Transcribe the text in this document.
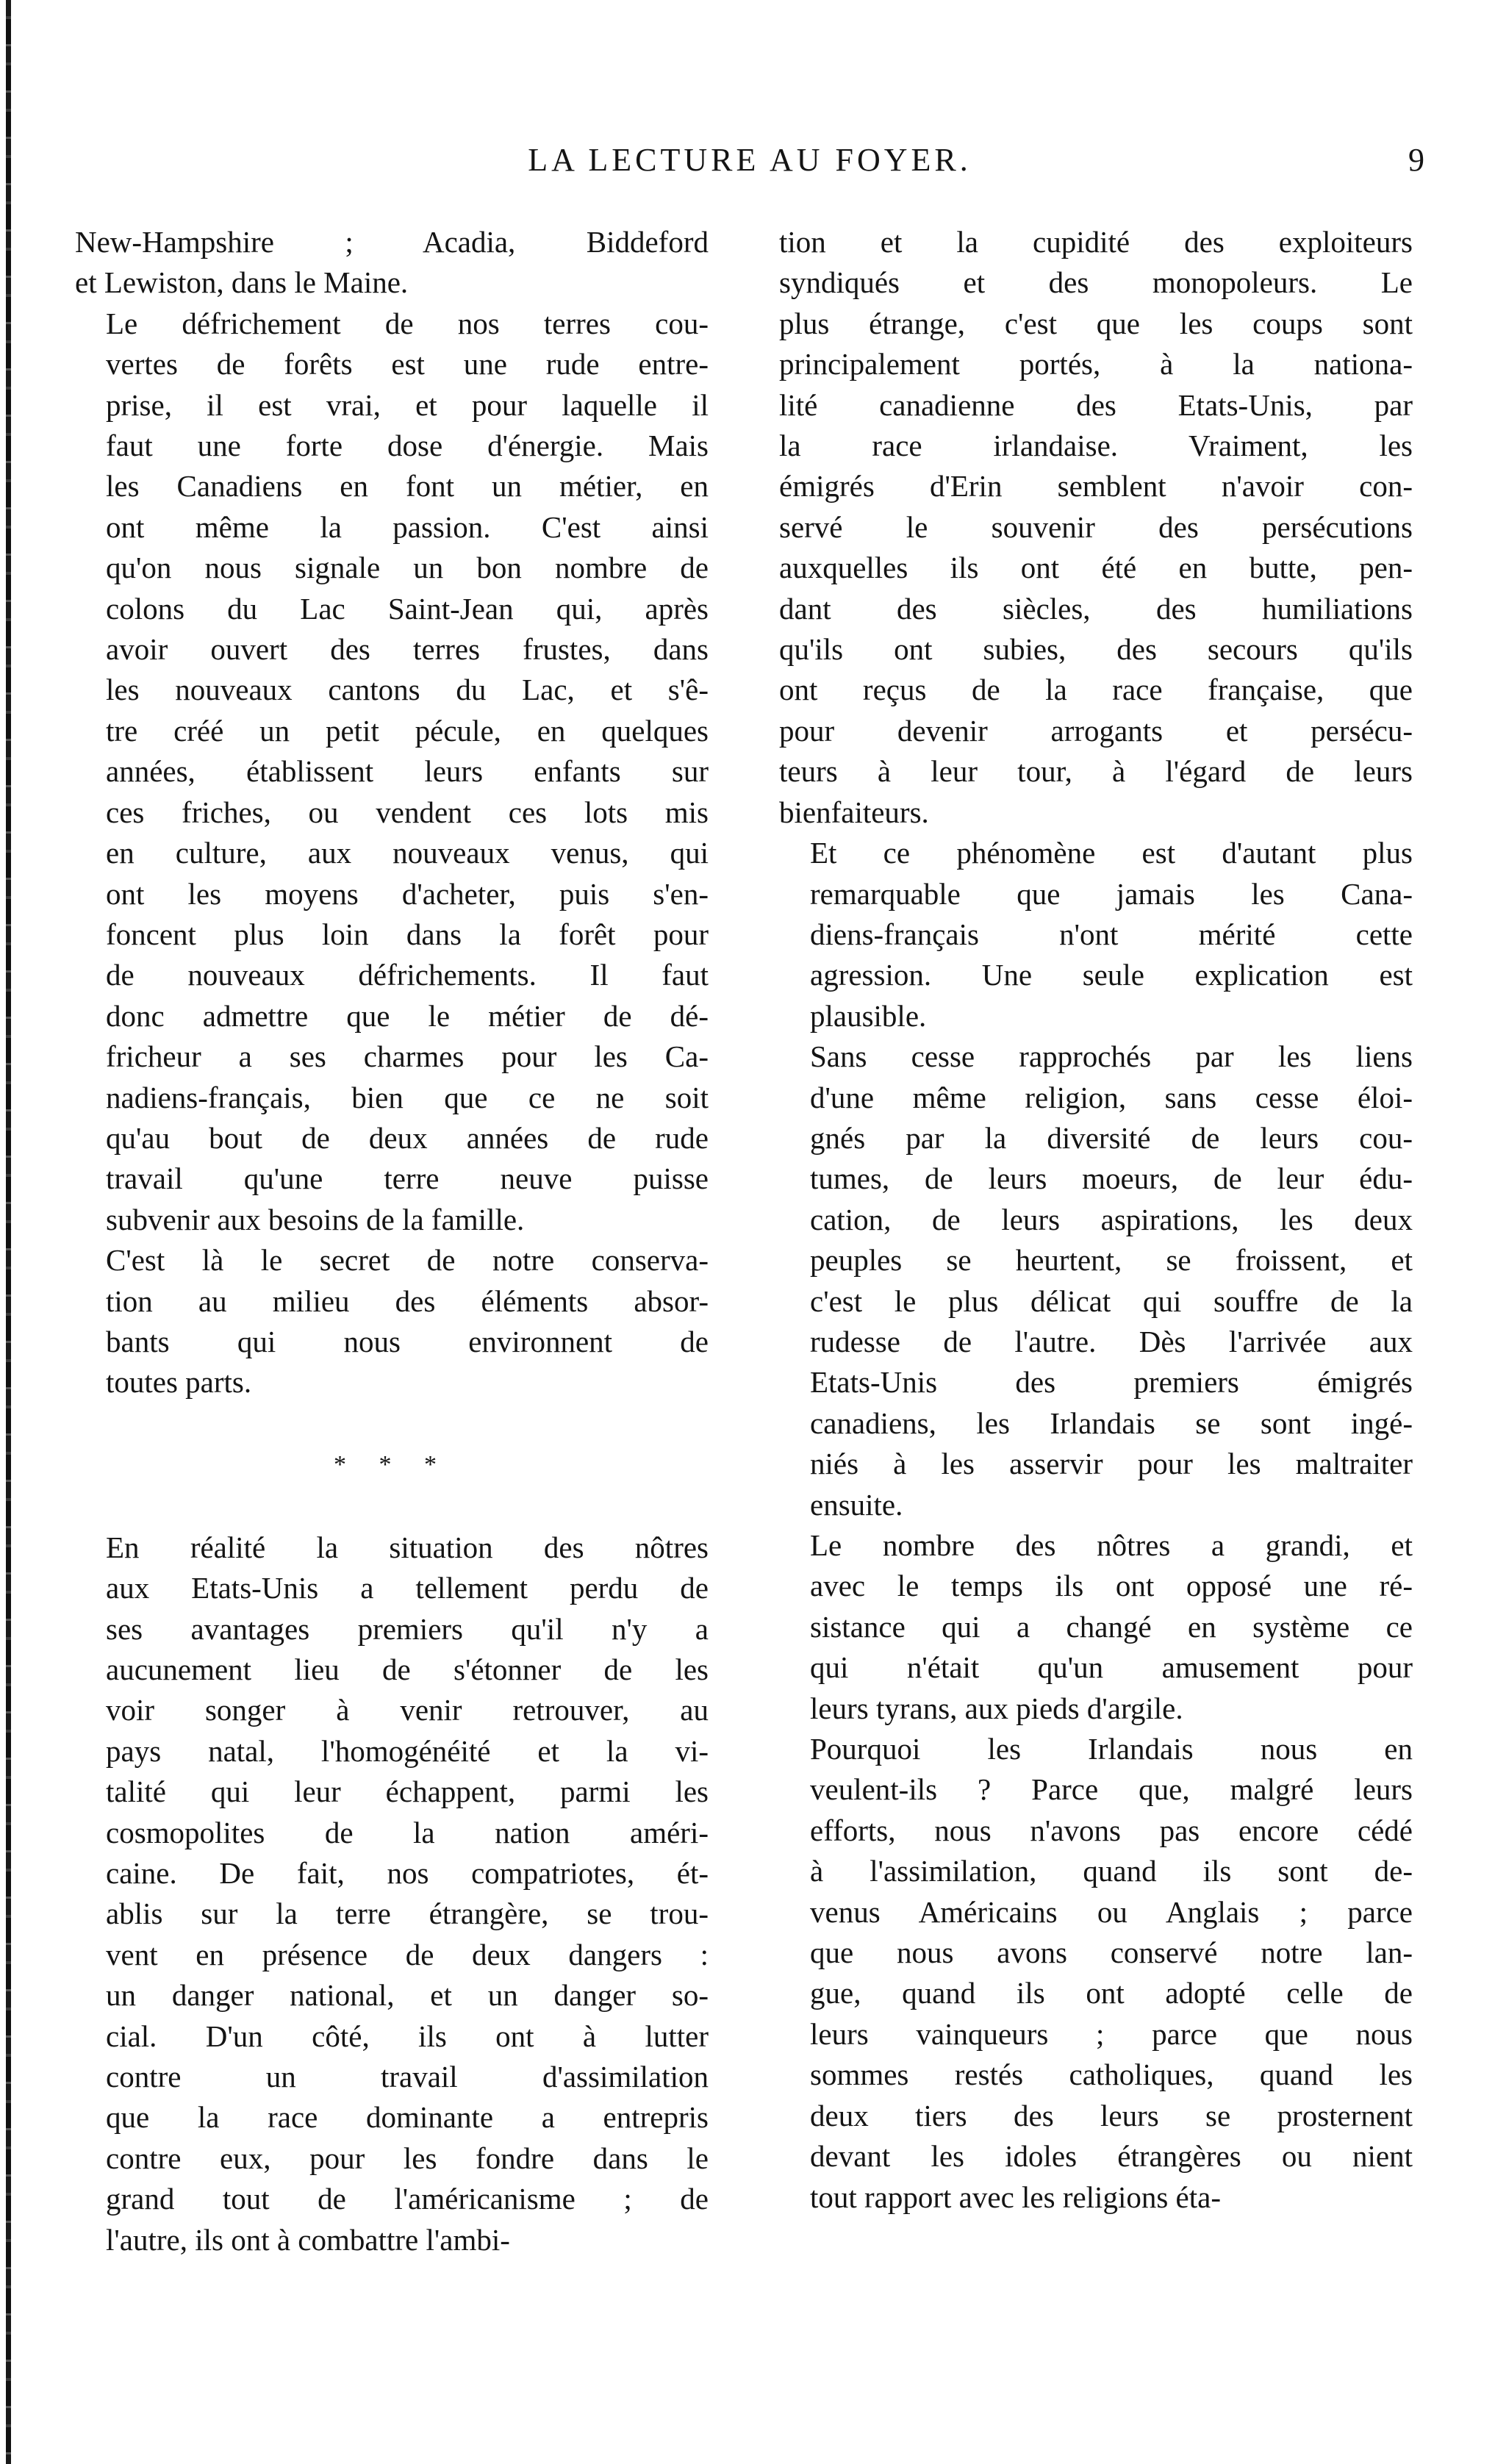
LA LECTURE AU FOYER.	9

New-Hampshire ; Acadia, Biddeford
et Lewiston, dans le Maine.

Le défrichement de nos terres cou-
vertes de forêts est une rude entre-
prise, il est vrai, et pour laquelle il
faut une forte dose d'énergie. Mais
les Canadiens en font un métier, en
ont même la passion. C'est ainsi
qu'on nous signale un bon nombre de
colons du Lac Saint-Jean qui, après
avoir ouvert des terres frustes, dans
les nouveaux cantons du Lac, et s'ê-
tre créé un petit pécule, en quelques
années, établissent leurs enfants sur
ces friches, ou vendent ces lots mis
en culture, aux nouveaux venus, qui
ont les moyens d'acheter, puis s'en-
foncent plus loin dans la forêt pour
de nouveaux défrichements. Il faut
donc admettre que le métier de dé-
fricheur a ses charmes pour les Ca-
nadiens-français, bien que ce ne soit
qu'au bout de deux années de rude
travail qu'une terre neuve puisse
subvenir aux besoins de la famille.

C'est là le secret de notre conserva-
tion au milieu des éléments absor-
bants qui nous environnent de
toutes parts.

* * *

En réalité la situation des nôtres
aux Etats-Unis a tellement perdu de
ses avantages premiers qu'il n'y a
aucunement lieu de s'étonner de les
voir songer à venir retrouver, au
pays natal, l'homogénéité et la vi-
talité qui leur échappent, parmi les
cosmopolites de la nation améri-
caine. De fait, nos compatriotes, ét-
ablis sur la terre étrangère, se trou-
vent en présence de deux dangers :
un danger national, et un danger so-
cial. D'un côté, ils ont à lutter
contre un travail d'assimilation
que la race dominante a entrepris
contre eux, pour les fondre dans le
grand tout de l'américanisme ; de
l'autre, ils ont à combattre l'ambi-

tion et la cupidité des exploiteurs
syndiqués et des monopoleurs. Le
plus étrange, c'est que les coups sont
principalement portés, à la nationa-
lité canadienne des Etats-Unis, par
la race irlandaise. Vraiment, les
émigrés d'Erin semblent n'avoir con-
servé le souvenir des persécutions
auxquelles ils ont été en butte, pen-
dant des siècles, des humiliations
qu'ils ont subies, des secours qu'ils
ont reçus de la race française, que
pour devenir arrogants et persécu-
teurs à leur tour, à l'égard de leurs
bienfaiteurs.

Et ce phénomène est d'autant plus
remarquable que jamais les Cana-
diens-français n'ont mérité cette
agression. Une seule explication est
plausible.

Sans cesse rapprochés par les liens
d'une même religion, sans cesse éloi-
gnés par la diversité de leurs cou-
tumes, de leurs moeurs, de leur édu-
cation, de leurs aspirations, les deux
peuples se heurtent, se froissent, et
c'est le plus délicat qui souffre de la
rudesse de l'autre. Dès l'arrivée aux
Etats-Unis des premiers émigrés
canadiens, les Irlandais se sont ingé-
niés à les asservir pour les maltraiter
ensuite.

Le nombre des nôtres a grandi, et
avec le temps ils ont opposé une ré-
sistance qui a changé en système ce
qui n'était qu'un amusement pour
leurs tyrans, aux pieds d'argile.

Pourquoi les Irlandais nous en
veulent-ils ? Parce que, malgré leurs
efforts, nous n'avons pas encore cédé
à l'assimilation, quand ils sont de-
venus Américains ou Anglais ; parce
que nous avons conservé notre lan-
gue, quand ils ont adopté celle de
leurs vainqueurs ; parce que nous
sommes restés catholiques, quand les
deux tiers des leurs se prosternent
devant les idoles étrangères ou nient
tout rapport avec les religions éta-
